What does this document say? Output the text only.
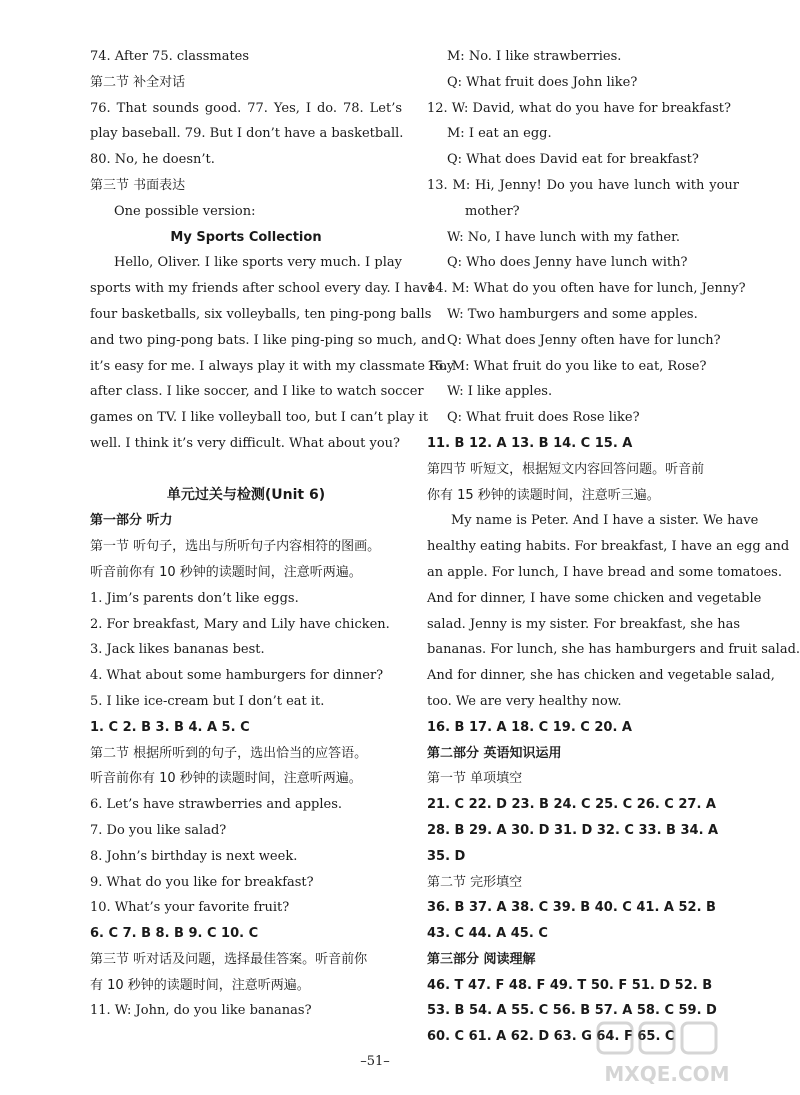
74. After 75. classmates
第二节 补全对话
76. That sounds good. 77. Yes, I do. 78. Let’s
play baseball. 79. But I don’t have a basketball.
80. No, he doesn’t.
第三节 书面表达
One possible version:
My Sports Collection
Hello, Oliver. I like sports very much. I play
sports with my friends after school every day. I have
four basketballs, six volleyballs, ten ping-pong balls
and two ping-pong bats. I like ping-ping so much, and
it’s easy for me. I always play it with my classmate Roy
after class. I like soccer, and I like to watch soccer
games on TV. I like volleyball too, but I can’t play it
well. I think it’s very difficult. What about you?
单元过关与检测(Unit 6)
第一部分 听力
第一节 听句子，选出与所听句子内容相符的图画。
听音前你有 10 秒钟的读题时间，注意听两遍。
1. Jim’s parents don’t like eggs.
2. For breakfast, Mary and Lily have chicken.
3. Jack likes bananas best.
4. What about some hamburgers for dinner?
5. I like ice-cream but I don’t eat it.
1. C 2. B 3. B 4. A 5. C
第二节 根据所听到的句子，选出恰当的应答语。
听音前你有 10 秒钟的读题时间，注意听两遍。
6. Let’s have strawberries and apples.
7. Do you like salad?
8. John’s birthday is next week.
9. What do you like for breakfast?
10. What’s your favorite fruit?
6. C 7. B 8. B 9. C 10. C
第三节 听对话及问题，选择最佳答案。听音前你
有 10 秒钟的读题时间，注意听两遍。
11. W: John, do you like bananas?
M: No. I like strawberries.
Q: What fruit does John like?
12. W: David, what do you have for breakfast?
M: I eat an egg.
Q: What does David eat for breakfast?
13. M: Hi, Jenny! Do you have lunch with your
mother?
W: No, I have lunch with my father.
Q: Who does Jenny have lunch with?
14. M: What do you often have for lunch, Jenny?
W: Two hamburgers and some apples.
Q: What does Jenny often have for lunch?
15. M: What fruit do you like to eat, Rose?
W: I like apples.
Q: What fruit does Rose like?
11. B 12. A 13. B 14. C 15. A
第四节 听短文，根据短文内容回答问题。听音前
你有 15 秒钟的读题时间，注意听三遍。
My name is Peter. And I have a sister. We have
healthy eating habits. For breakfast, I have an egg and
an apple. For lunch, I have bread and some tomatoes.
And for dinner, I have some chicken and vegetable
salad. Jenny is my sister. For breakfast, she has
bananas. For lunch, she has hamburgers and fruit salad.
And for dinner, she has chicken and vegetable salad,
too. We are very healthy now.
16. B 17. A 18. C 19. C 20. A
第二部分 英语知识运用
第一节 单项填空
21. C 22. D 23. B 24. C 25. C 26. C 27. A
28. B 29. A 30. D 31. D 32. C 33. B 34. A
35. D
第二节 完形填空
36. B 37. A 38. C 39. B 40. C 41. A 52. B
43. C 44. A 45. C
第三部分 阅读理解
46. T 47. F 48. F 49. T 50. F 51. D 52. B
53. B 54. A 55. C 56. B 57. A 58. C 59. D
60. C 61. A 62. D 63. G 64. F 65. C
–51–
MXQE.COM
